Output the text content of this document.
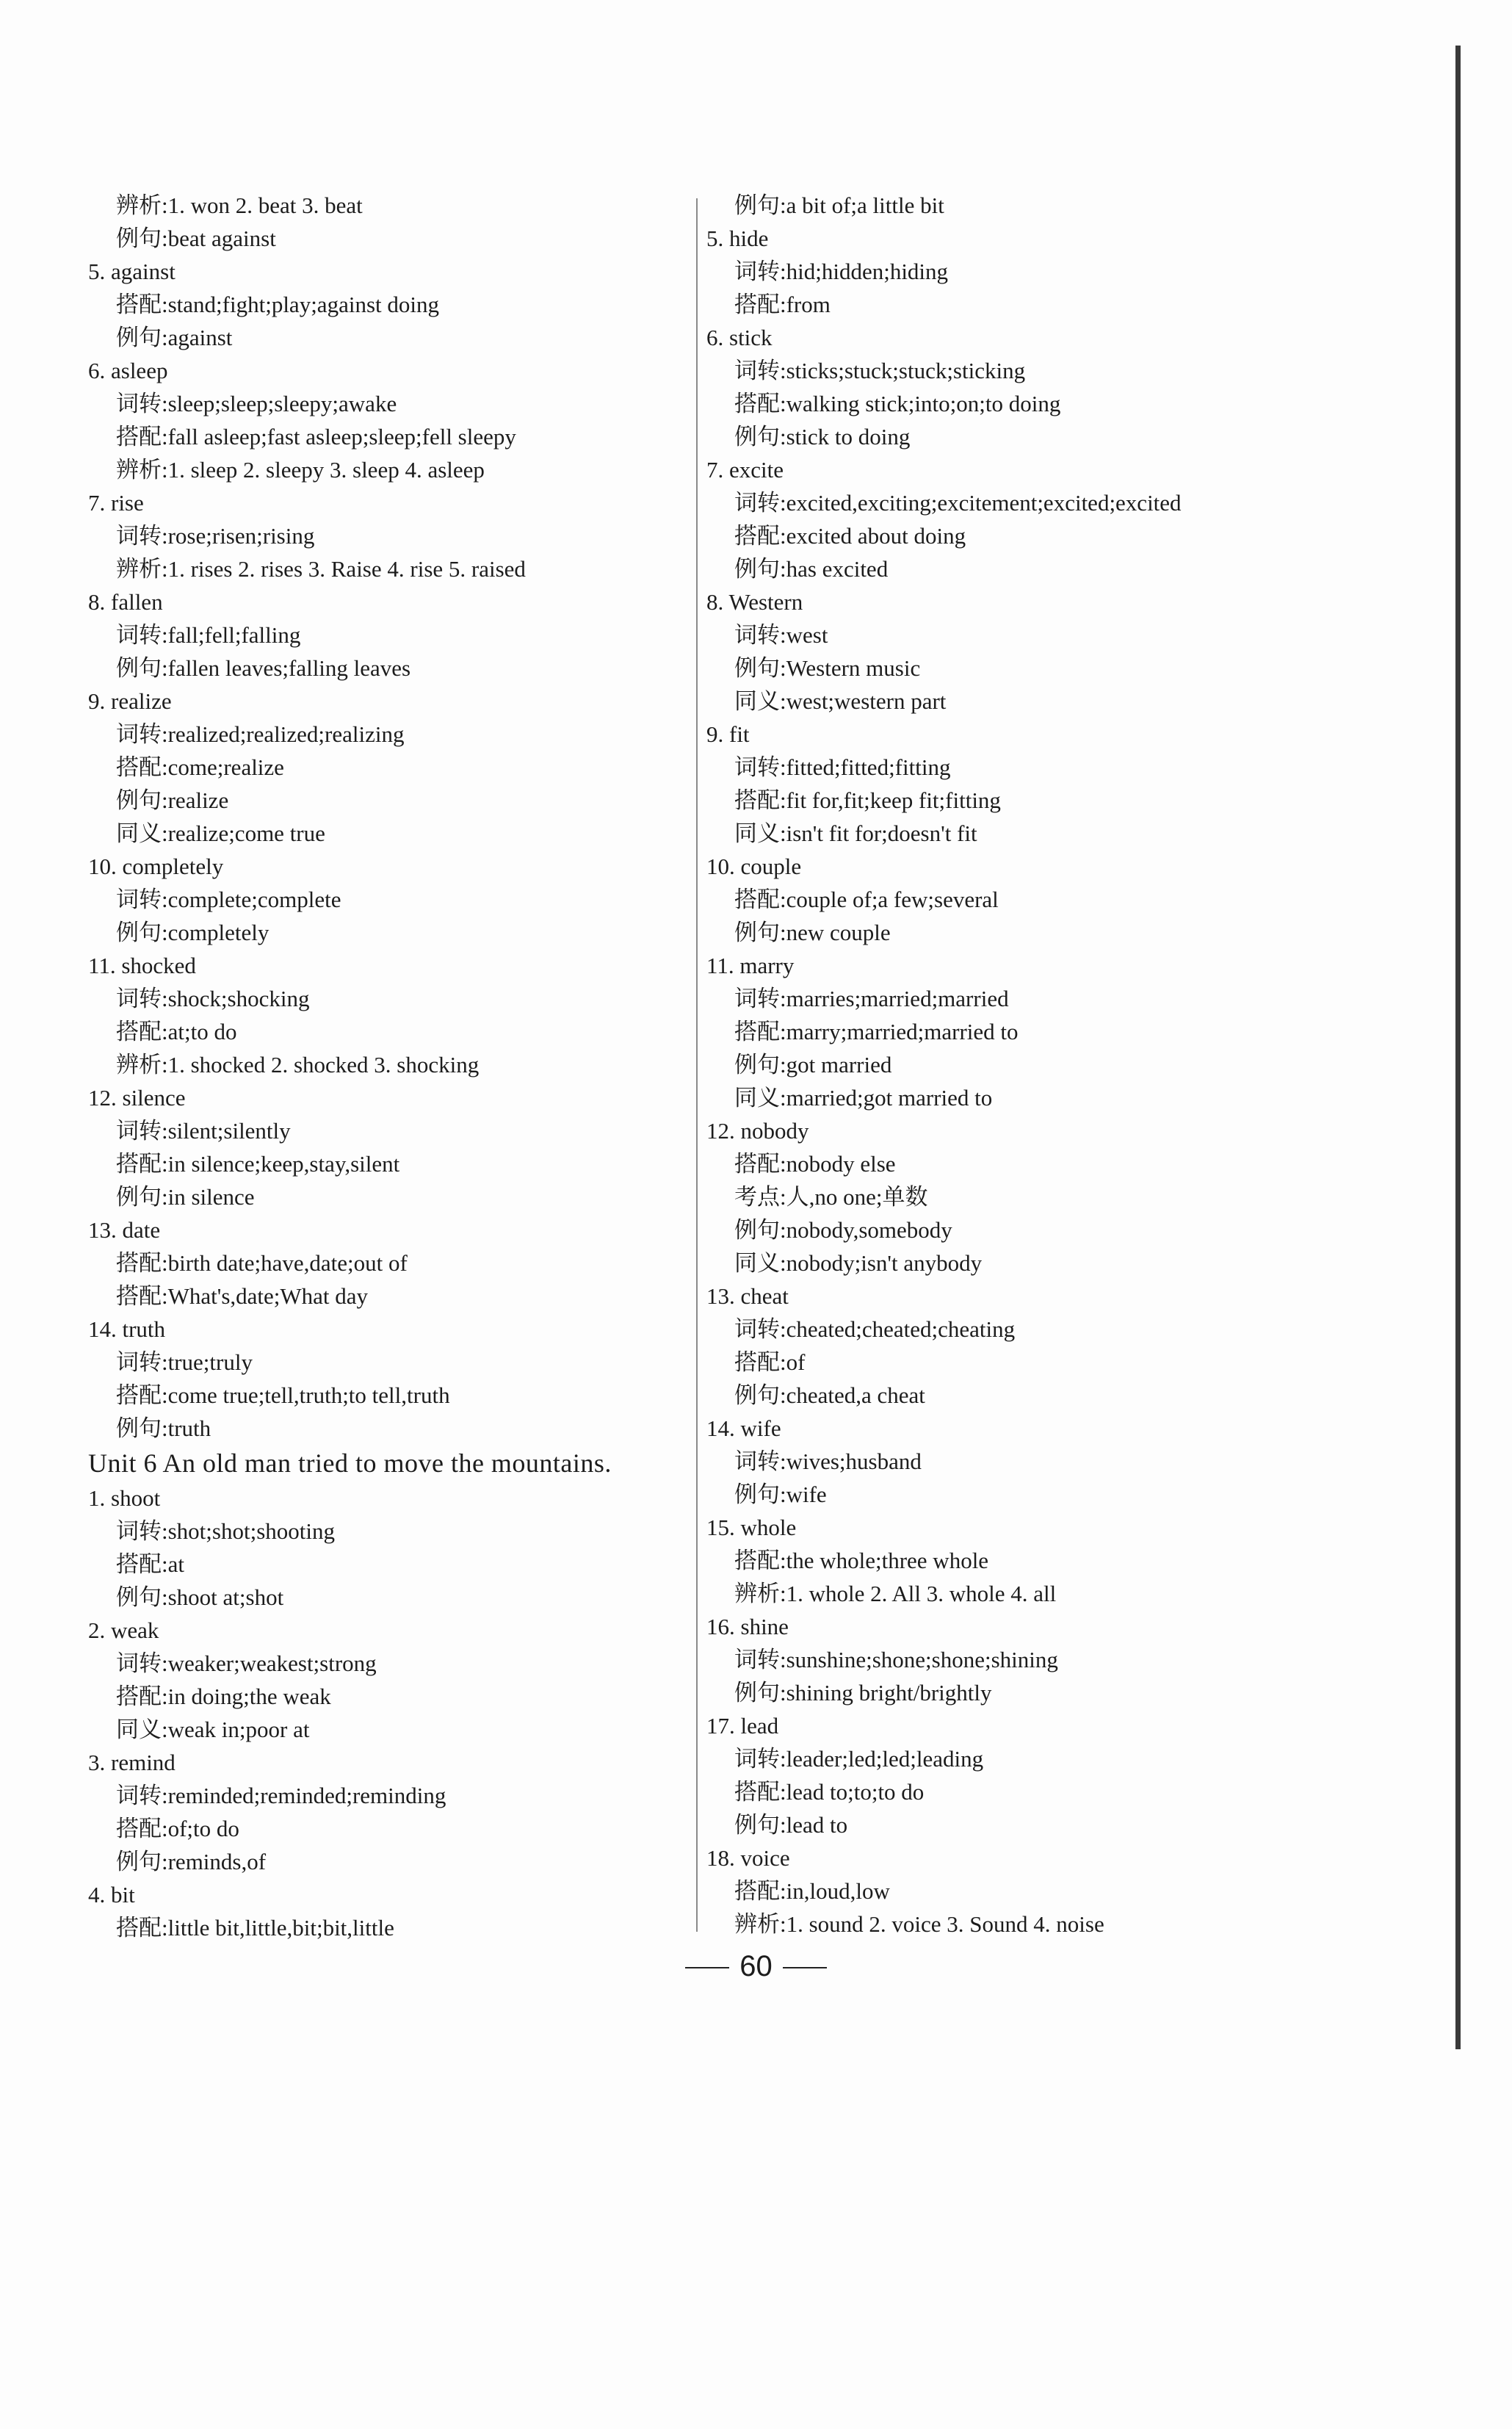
辨析:1. won 2. beat 3. beat
例句:beat against
5. against
搭配:stand;fight;play;against doing
例句:against
6. asleep
词转:sleep;sleep;sleepy;awake
搭配:fall asleep;fast asleep;sleep;fell sleepy
辨析:1. sleep 2. sleepy 3. sleep 4. asleep
7. rise
词转:rose;risen;rising
辨析:1. rises 2. rises 3. Raise 4. rise 5. raised
8. fallen
词转:fall;fell;falling
例句:fallen leaves;falling leaves
9. realize
词转:realized;realized;realizing
搭配:come;realize
例句:realize
同义:realize;come true
10. completely
词转:complete;complete
例句:completely
11. shocked
词转:shock;shocking
搭配:at;to do
辨析:1. shocked 2. shocked 3. shocking
12. silence
词转:silent;silently
搭配:in silence;keep,stay,silent
例句:in silence
13. date
搭配:birth date;have,date;out of
搭配:What's,date;What day
14. truth
词转:true;truly
搭配:come true;tell,truth;to tell,truth
例句:truth
Unit 6 An old man tried to move the mountains.
1. shoot
词转:shot;shot;shooting
搭配:at
例句:shoot at;shot
2. weak
词转:weaker;weakest;strong
搭配:in doing;the weak
同义:weak in;poor at
3. remind
词转:reminded;reminded;reminding
搭配:of;to do
例句:reminds,of
4. bit
搭配:little bit,little,bit;bit,little
例句:a bit of;a little bit
5. hide
词转:hid;hidden;hiding
搭配:from
6. stick
词转:sticks;stuck;stuck;sticking
搭配:walking stick;into;on;to doing
例句:stick to doing
7. excite
词转:excited,exciting;excitement;excited;excited
搭配:excited about doing
例句:has excited
8. Western
词转:west
例句:Western music
同义:west;western part
9. fit
词转:fitted;fitted;fitting
搭配:fit for,fit;keep fit;fitting
同义:isn't fit for;doesn't fit
10. couple
搭配:couple of;a few;several
例句:new couple
11. marry
词转:marries;married;married
搭配:marry;married;married to
例句:got married
同义:married;got married to
12. nobody
搭配:nobody else
考点:人,no one;单数
例句:nobody,somebody
同义:nobody;isn't anybody
13. cheat
词转:cheated;cheated;cheating
搭配:of
例句:cheated,a cheat
14. wife
词转:wives;husband
例句:wife
15. whole
搭配:the whole;three whole
辨析:1. whole 2. All 3. whole 4. all
16. shine
词转:sunshine;shone;shone;shining
例句:shining bright/brightly
17. lead
词转:leader;led;led;leading
搭配:lead to;to;to do
例句:lead to
18. voice
搭配:in,loud,low
辨析:1. sound 2. voice 3. Sound 4. noise
60
